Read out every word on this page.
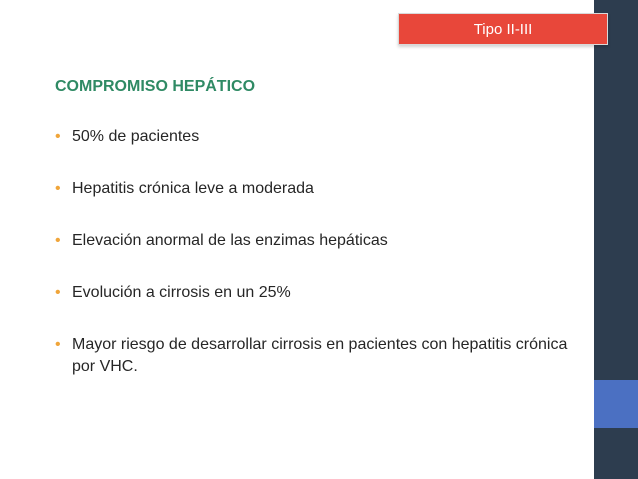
Tipo II-III
COMPROMISO HEPÁTICO
• 50% de pacientes
• Hepatitis crónica leve a moderada
• Elevación anormal de las enzimas hepáticas
• Evolución a cirrosis en un 25%
• Mayor riesgo de desarrollar cirrosis en pacientes con hepatitis crónica por VHC.
